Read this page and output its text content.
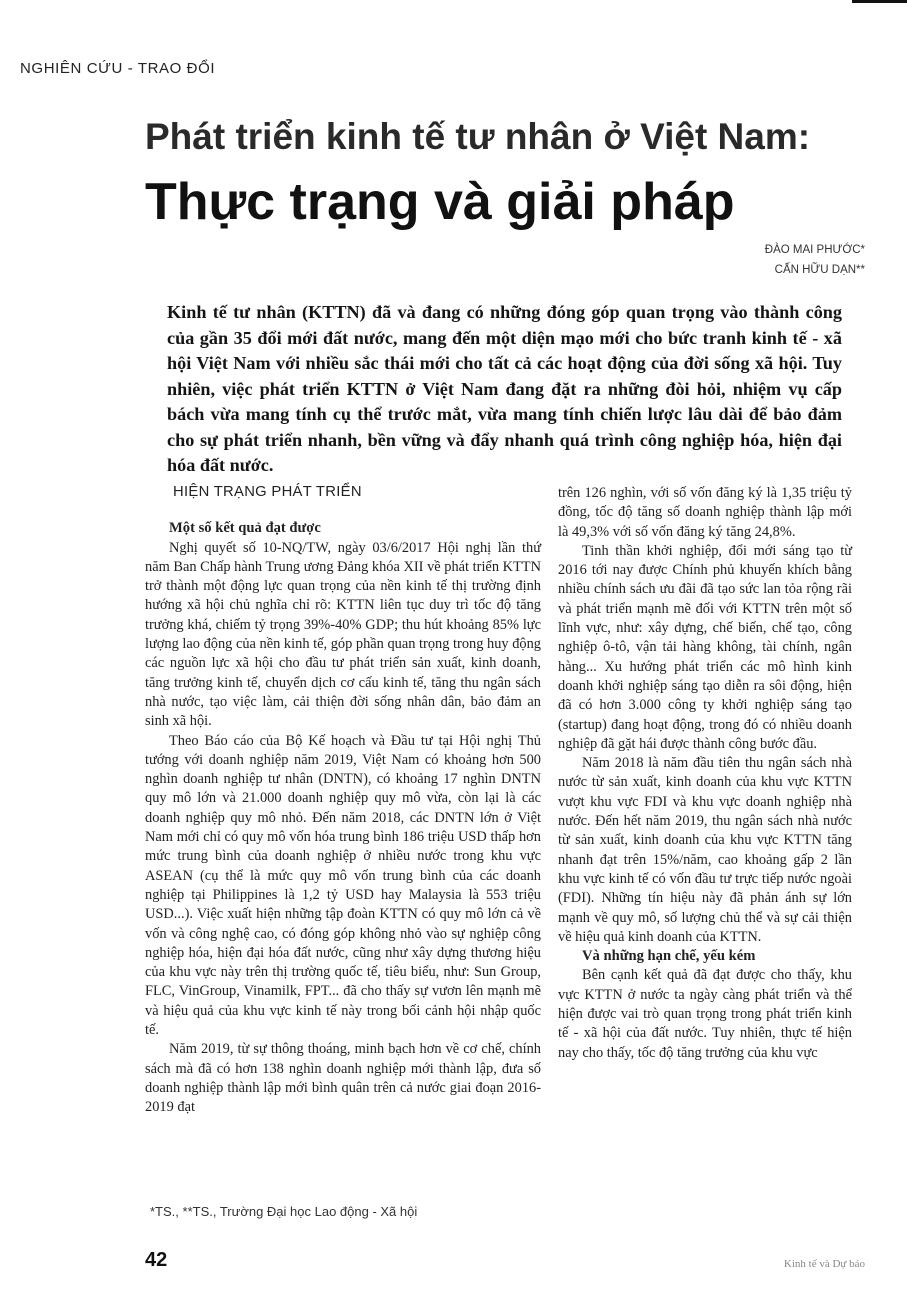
NGHIÊN CỨU - TRAO ĐỔI
Phát triển kinh tế tư nhân ở Việt Nam:
Thực trạng và giải pháp
ĐÀO MAI PHƯỚC*
CẤN HỮU DẠN**
Kinh tế tư nhân (KTTN) đã và đang có những đóng góp quan trọng vào thành công của gần 35 đổi mới đất nước, mang đến một diện mạo mới cho bức tranh kinh tế - xã hội Việt Nam với nhiều sắc thái mới cho tất cả các hoạt động của đời sống xã hội. Tuy nhiên, việc phát triển KTTN ở Việt Nam đang đặt ra những đòi hỏi, nhiệm vụ cấp bách vừa mang tính cụ thể trước mắt, vừa mang tính chiến lược lâu dài để bảo đảm cho sự phát triển nhanh, bền vững và đẩy nhanh quá trình công nghiệp hóa, hiện đại hóa đất nước.
HIỆN TRẠNG PHÁT TRIỂN

Một số kết quả đạt được

Nghị quyết số 10-NQ/TW, ngày 03/6/2017 Hội nghị lần thứ năm Ban Chấp hành Trung ương Đảng khóa XII về phát triển KTTN trở thành một động lực quan trọng của nền kinh tế thị trường định hướng xã hội chủ nghĩa chỉ rõ: KTTN liên tục duy trì tốc độ tăng trưởng khá, chiếm tỷ trọng 39%-40% GDP; thu hút khoảng 85% lực lượng lao động của nền kinh tế, góp phần quan trọng trong huy động các nguồn lực xã hội cho đầu tư phát triển sản xuất, kinh doanh, tăng trưởng kinh tế, chuyển dịch cơ cấu kinh tế, tăng thu ngân sách nhà nước, tạo việc làm, cải thiện đời sống nhân dân, bảo đảm an sinh xã hội.

Theo Báo cáo của Bộ Kế hoạch và Đầu tư tại Hội nghị Thủ tướng với doanh nghiệp năm 2019, Việt Nam có khoảng hơn 500 nghìn doanh nghiệp tư nhân (DNTN), có khoảng 17 nghìn DNTN quy mô lớn và 21.000 doanh nghiệp quy mô vừa, còn lại là các doanh nghiệp quy mô nhỏ. Đến năm 2018, các DNTN lớn ở Việt Nam mới chỉ có quy mô vốn hóa trung bình 186 triệu USD thấp hơn mức trung bình của doanh nghiệp ở nhiều nước trong khu vực ASEAN (cụ thể là mức quy mô vốn trung bình của các doanh nghiệp tại Philippines là 1,2 tỷ USD hay Malaysia là 553 triệu USD...). Việc xuất hiện những tập đoàn KTTN có quy mô lớn cả về vốn và công nghệ cao, có đóng góp không nhỏ vào sự nghiệp công nghiệp hóa, hiện đại hóa đất nước, cũng như xây dựng thương hiệu của khu vực này trên thị trường quốc tế, tiêu biểu, như: Sun Group, FLC, VinGroup, Vinamilk, FPT... đã cho thấy sự vươn lên mạnh mẽ và hiệu quả của khu vực kinh tế này trong bối cảnh hội nhập quốc tế.

Năm 2019, từ sự thông thoáng, minh bạch hơn về cơ chế, chính sách mà đã có hơn 138 nghìn doanh nghiệp mới thành lập, đưa số doanh nghiệp thành lập mới bình quân trên cả nước giai đoạn 2016-2019 đạt

trên 126 nghìn, với số vốn đăng ký là 1,35 triệu tỷ đồng, tốc độ tăng số doanh nghiệp thành lập mới là 49,3% với số vốn đăng ký tăng 24,8%.

Tinh thần khởi nghiệp, đổi mới sáng tạo từ 2016 tới nay được Chính phủ khuyến khích bằng nhiều chính sách ưu đãi đã tạo sức lan tỏa rộng rãi và phát triển mạnh mẽ đối với KTTN trên một số lĩnh vực, như: xây dựng, chế biến, chế tạo, công nghiệp ô-tô, vận tải hàng không, tài chính, ngân hàng... Xu hướng phát triển các mô hình kinh doanh khởi nghiệp sáng tạo diễn ra sôi động, hiện đã có hơn 3.000 công ty khởi nghiệp sáng tạo (startup) đang hoạt động, trong đó có nhiều doanh nghiệp đã gặt hái được thành công bước đầu.

Năm 2018 là năm đầu tiên thu ngân sách nhà nước từ sản xuất, kinh doanh của khu vực KTTN vượt khu vực FDI và khu vực doanh nghiệp nhà nước. Đến hết năm 2019, thu ngân sách nhà nước từ sản xuất, kinh doanh của khu vực KTTN tăng nhanh đạt trên 15%/năm, cao khoảng gấp 2 lần khu vực kinh tế có vốn đầu tư trực tiếp nước ngoài (FDI). Những tín hiệu này đã phản ánh sự lớn mạnh về quy mô, số lượng chủ thể và sự cải thiện về hiệu quả kinh doanh của KTTN.

Và những hạn chế, yếu kém

Bên cạnh kết quả đã đạt được cho thấy, khu vực KTTN ở nước ta ngày càng phát triển và thể hiện được vai trò quan trọng trong phát triển kinh tế - xã hội của đất nước. Tuy nhiên, thực tế hiện nay cho thấy, tốc độ tăng trưởng của khu vực

*TS., **TS., Trường Đại học Lao động - Xã hội
42	Kinh tế và Dự báo
